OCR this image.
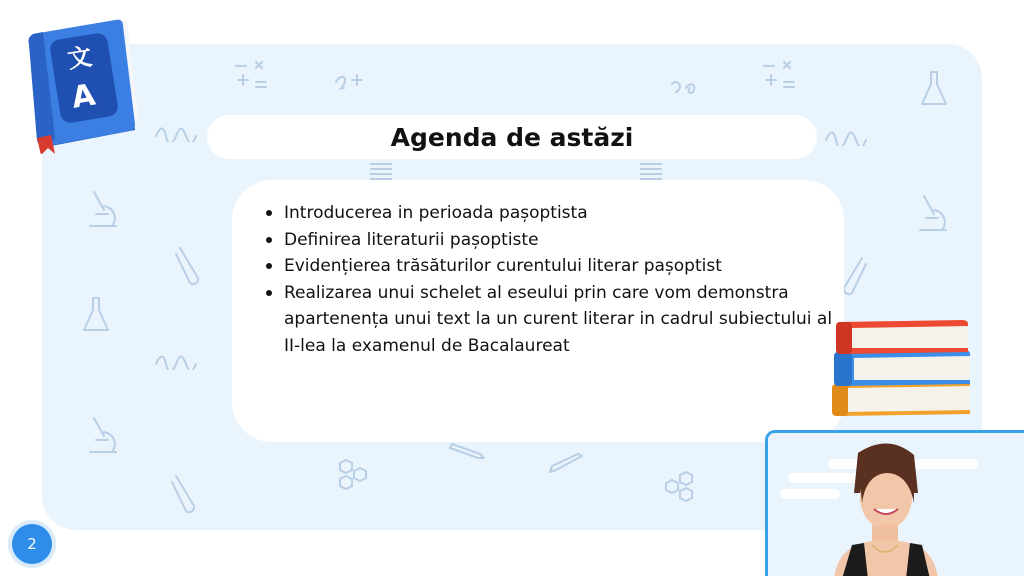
Agenda de astăzi
Introducerea in perioada pașoptista
Definirea literaturii pașoptiste
Evidențierea trăsăturilor curentului literar pașoptist
Realizarea unui schelet al eseului prin care vom demonstra apartenența unui text la un curent literar in cadrul subiectului al II-lea la examenul de Bacalaureat
文
A
2
